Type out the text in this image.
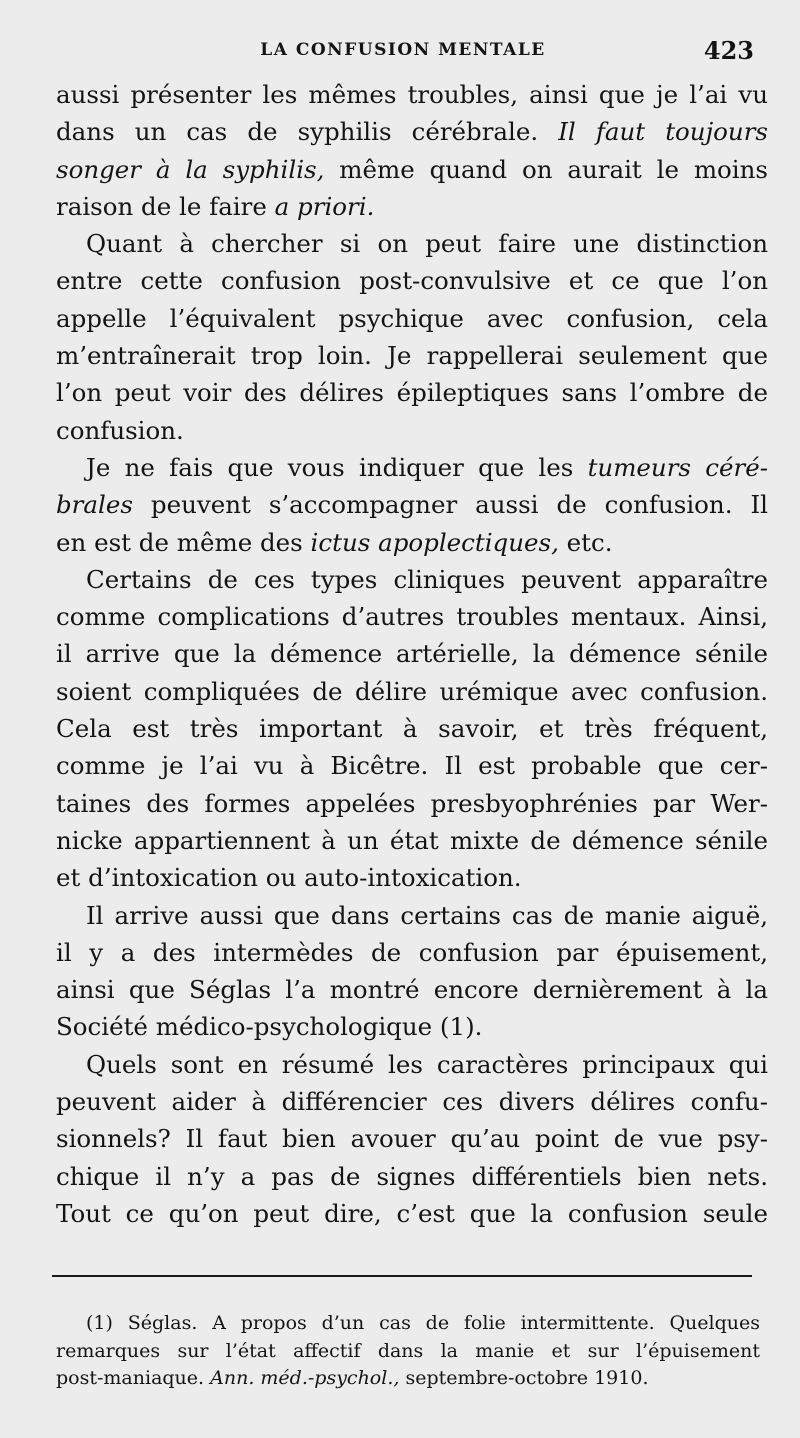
LA CONFUSION MENTALE	423
aussi présenter les mêmes troubles, ainsi que je l’ai vu
dans un cas de syphilis cérébrale. Il faut toujours
songer à la syphilis, même quand on aurait le moins
raison de le faire a priori.
Quant à chercher si on peut faire une distinction
entre cette confusion post-convulsive et ce que l’on
appelle l’équivalent psychique avec confusion, cela
m’entraînerait trop loin. Je rappellerai seulement que
l’on peut voir des délires épileptiques sans l’ombre de
confusion.
Je ne fais que vous indiquer que les tumeurs céré-
brales peuvent s’accompagner aussi de confusion. Il
en est de même des ictus apoplectiques, etc.
Certains de ces types cliniques peuvent apparaître
comme complications d’autres troubles mentaux. Ainsi,
il arrive que la démence artérielle, la démence sénile
soient compliquées de délire urémique avec confusion.
Cela est très important à savoir, et très fréquent,
comme je l’ai vu à Bicêtre. Il est probable que cer-
taines des formes appelées presbyophrénies par Wer-
nicke appartiennent à un état mixte de démence sénile
et d’intoxication ou auto-intoxication.
Il arrive aussi que dans certains cas de manie aiguë,
il y a des intermèdes de confusion par épuisement,
ainsi que Séglas l’a montré encore dernièrement à la
Société médico-psychologique (1).
Quels sont en résumé les caractères principaux qui
peuvent aider à différencier ces divers délires confu-
sionnels? Il faut bien avouer qu’au point de vue psy-
chique il n’y a pas de signes différentiels bien nets.
Tout ce qu’on peut dire, c’est que la confusion seule
(1) Séglas. A propos d’un cas de folie intermittente. Quelques
remarques sur l’état affectif dans la manie et sur l’épuisement
post-maniaque. Ann. méd.-psychol., septembre-octobre 1910.
